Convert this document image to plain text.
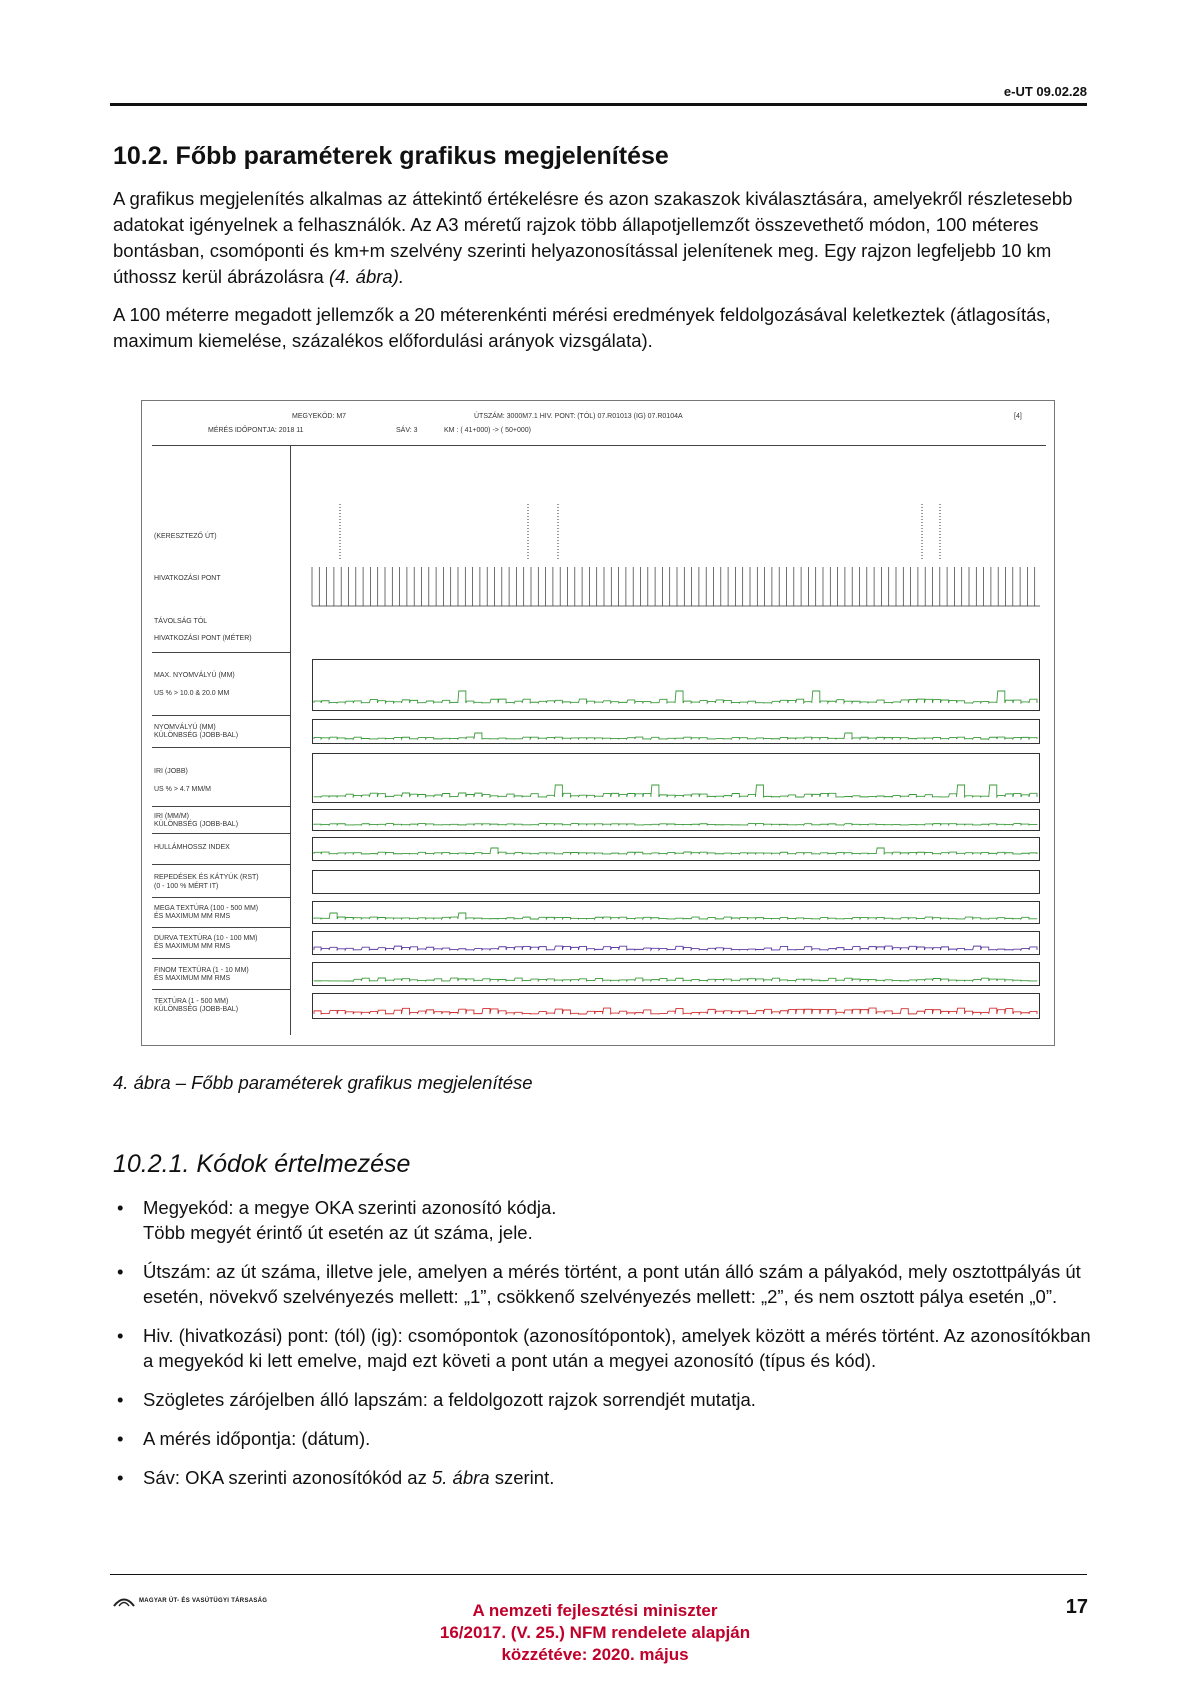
e-UT 09.02.28
10.2. Főbb paraméterek grafikus megjelenítése
A grafikus megjelenítés alkalmas az áttekintő értékelésre és azon szakaszok kiválasztására, amelyekről részletesebb adatokat igényelnek a felhasználók. Az A3 méretű rajzok több állapotjellemzőt összevethető módon, 100 méteres bontásban, csomóponti és km+m szelvény szerinti helyazonosítással jelenítenek meg. Egy rajzon legfeljebb 10 km úthossz kerül ábrázolásra (4. ábra).
A 100 méterre megadott jellemzők a 20 méterenkénti mérési eredmények feldolgozásával keletkeztek (átlagosítás, maximum kiemelése, százalékos előfordulási arányok vizsgálata).
MEGYEKÓD: M7	ÚTSZÁM: 3000M7.1 HIV. PONT: (TÓL) 07.R01013 (IG) 07.R0104A	[4]
MÉRÉS IDŐPONTJA: 2018 11	SÁV: 3	KM : ( 41+000) -> ( 50+000)
(KERESZTEZŐ ÚT)
HIVATKOZÁSI PONT
TÁVOLSÁG TÓL
HIVATKOZÁSI PONT (MÉTER)
MAX. NYOMVÁLYÚ (MM)
US % > 10.0 & 20.0 MM
NYOMVÁLYÚ (MM)
KÜLÖNBSÉG (JOBB-BAL)
IRI (JOBB)
US % > 4.7 MM/M
IRI (MM/M)
KÜLÖNBSÉG (JOBB-BAL)
HULLÁMHOSSZ INDEX
REPEDÉSEK ÉS KÁTYÚK (RST)
(0 - 100 % MÉRT IT)
MEGA TEXTÚRA (100 - 500 MM)
ÉS MAXIMUM MM RMS
DURVA TEXTÚRA (10 - 100 MM)
ÉS MAXIMUM MM RMS
FINOM TEXTÚRA (1 - 10 MM)
ÉS MAXIMUM MM RMS
TEXTÚRA (1 - 500 MM)
KÜLÖNBSÉG (JOBB-BAL)
4. ábra – Főbb paraméterek grafikus megjelenítése
10.2.1. Kódok értelmezése
• Megyekód: a megye OKA szerinti azonosító kódja.
Több megyét érintő út esetén az út száma, jele.
• Útszám: az út száma, illetve jele, amelyen a mérés történt, a pont után álló szám a pályakód, mely osztottpályás út esetén, növekvő szelvényezés mellett: „1”, csökkenő szelvényezés mellett: „2”, és nem osztott pálya esetén „0”.
• Hiv. (hivatkozási) pont: (tól) (ig): csomópontok (azonosítópontok), amelyek között a mérés történt. Az azonosítókban a megyekód ki lett emelve, majd ezt követi a pont után a megyei azonosító (típus és kód).
• Szögletes zárójelben álló lapszám: a feldolgozott rajzok sorrendjét mutatja.
• A mérés időpontja: (dátum).
• Sáv: OKA szerinti azonosítókód az 5. ábra szerint.
MAGYAR ÚT- ÉS VASÚTÜGYI TÁRSASÁG	A nemzeti fejlesztési miniszter
16/2017. (V. 25.) NFM rendelete alapján
közzétéve: 2020. május
17
